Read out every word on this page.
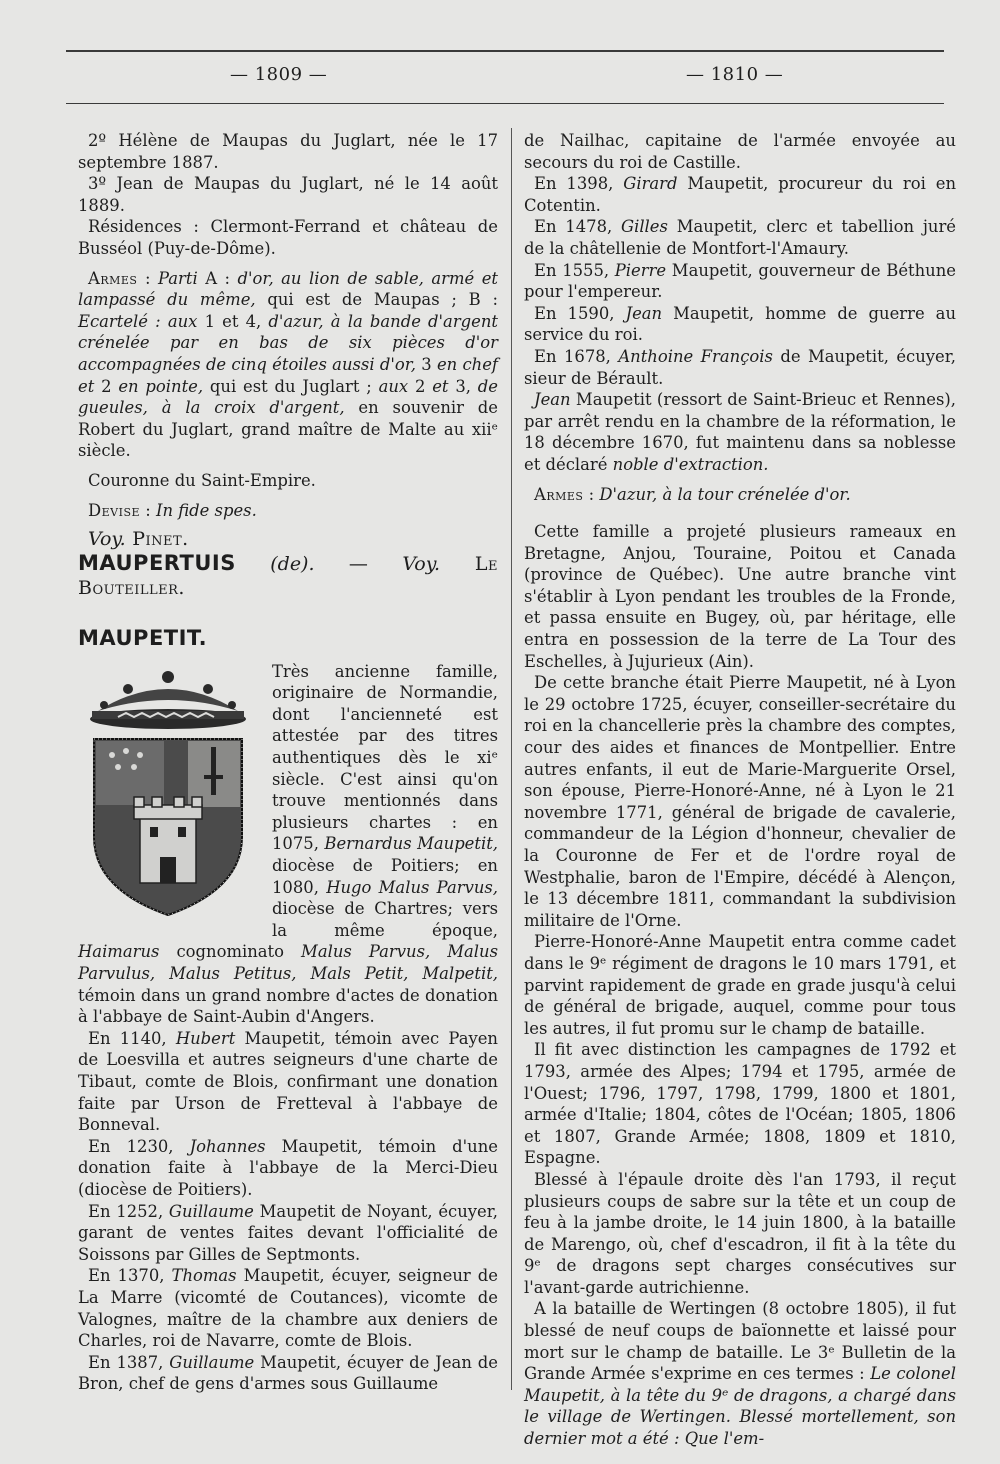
— 1809 —	— 1810 —

2º Hélène de Maupas du Juglart, née le 17 septembre 1887.

3º Jean de Maupas du Juglart, né le 14 août 1889.

Résidences : Clermont-Ferrand et château de Busséol (Puy-de-Dôme).

Armes : Parti A : d'or, au lion de sable, armé et lampassé du même, qui est de Maupas ; B : Ecartelé : aux 1 et 4, d'azur, à la bande d'argent crénelée par en bas de six pièces d'or accompagnées de cinq étoiles aussi d'or, 3 en chef et 2 en pointe, qui est du Juglart ; aux 2 et 3, de gueules, à la croix d'argent, en souvenir de Robert du Juglart, grand maître de Malte au xiiᵉ siècle.

Couronne du Saint-Empire.

Devise : In fide spes.

Voy. Pinet.

MAUPERTUIS (de). — Voy. Le Bouteiller.

MAUPETIT.

Très ancienne famille, originaire de Normandie, dont l'ancienneté est attestée par des titres authentiques dès le xiᵉ siècle. C'est ainsi qu'on trouve mentionnés dans plusieurs chartes : en 1075, Bernardus Maupetit, diocèse de Poitiers; en 1080, Hugo Malus Parvus, diocèse de Chartres; vers la même époque, Haimarus cognominato Malus Parvus, Malus Parvulus, Malus Petitus, Mals Petit, Malpetit, témoin dans un grand nombre d'actes de donation à l'abbaye de Saint-Aubin d'Angers.

En 1140, Hubert Maupetit, témoin avec Payen de Loesvilla et autres seigneurs d'une charte de Tibaut, comte de Blois, confirmant une donation faite par Urson de Fretteval à l'abbaye de Bonneval.

En 1230, Johannes Maupetit, témoin d'une donation faite à l'abbaye de la Merci-Dieu (diocèse de Poitiers).

En 1252, Guillaume Maupetit de Noyant, écuyer, garant de ventes faites devant l'officialité de Soissons par Gilles de Septmonts.

En 1370, Thomas Maupetit, écuyer, seigneur de La Marre (vicomté de Coutances), vicomte de Valognes, maître de la chambre aux deniers de Charles, roi de Navarre, comte de Blois.

En 1387, Guillaume Maupetit, écuyer de Jean de Bron, chef de gens d'armes sous Guillaume

de Nailhac, capitaine de l'armée envoyée au secours du roi de Castille.

En 1398, Girard Maupetit, procureur du roi en Cotentin.

En 1478, Gilles Maupetit, clerc et tabellion juré de la châtellenie de Montfort-l'Amaury.

En 1555, Pierre Maupetit, gouverneur de Béthune pour l'empereur.

En 1590, Jean Maupetit, homme de guerre au service du roi.

En 1678, Anthoine François de Maupetit, écuyer, sieur de Bérault.

Jean Maupetit (ressort de Saint-Brieuc et Rennes), par arrêt rendu en la chambre de la réformation, le 18 décembre 1670, fut maintenu dans sa noblesse et déclaré noble d'extraction.

Armes : D'azur, à la tour crénelée d'or.

Cette famille a projeté plusieurs rameaux en Bretagne, Anjou, Touraine, Poitou et Canada (province de Québec). Une autre branche vint s'établir à Lyon pendant les troubles de la Fronde, et passa ensuite en Bugey, où, par héritage, elle entra en possession de la terre de La Tour des Eschelles, à Jujurieux (Ain).

De cette branche était Pierre Maupetit, né à Lyon le 29 octobre 1725, écuyer, conseiller-secrétaire du roi en la chancellerie près la chambre des comptes, cour des aides et finances de Montpellier. Entre autres enfants, il eut de Marie-Marguerite Orsel, son épouse, Pierre-Honoré-Anne, né à Lyon le 21 novembre 1771, général de brigade de cavalerie, commandeur de la Légion d'honneur, chevalier de la Couronne de Fer et de l'ordre royal de Westphalie, baron de l'Empire, décédé à Alençon, le 13 décembre 1811, commandant la subdivision militaire de l'Orne.

Pierre-Honoré-Anne Maupetit entra comme cadet dans le 9ᵉ régiment de dragons le 10 mars 1791, et parvint rapidement de grade en grade jusqu'à celui de général de brigade, auquel, comme pour tous les autres, il fut promu sur le champ de bataille.

Il fit avec distinction les campagnes de 1792 et 1793, armée des Alpes; 1794 et 1795, armée de l'Ouest; 1796, 1797, 1798, 1799, 1800 et 1801, armée d'Italie; 1804, côtes de l'Océan; 1805, 1806 et 1807, Grande Armée; 1808, 1809 et 1810, Espagne.

Blessé à l'épaule droite dès l'an 1793, il reçut plusieurs coups de sabre sur la tête et un coup de feu à la jambe droite, le 14 juin 1800, à la bataille de Marengo, où, chef d'escadron, il fit à la tête du 9ᵉ de dragons sept charges consécutives sur l'avant-garde autrichienne.

A la bataille de Wertingen (8 octobre 1805), il fut blessé de neuf coups de baïonnette et laissé pour mort sur le champ de bataille. Le 3ᵉ Bulletin de la Grande Armée s'exprime en ces termes : Le colonel Maupetit, à la tête du 9ᵉ de dragons, a chargé dans le village de Wertingen. Blessé mortellement, son dernier mot a été : Que l'em-
